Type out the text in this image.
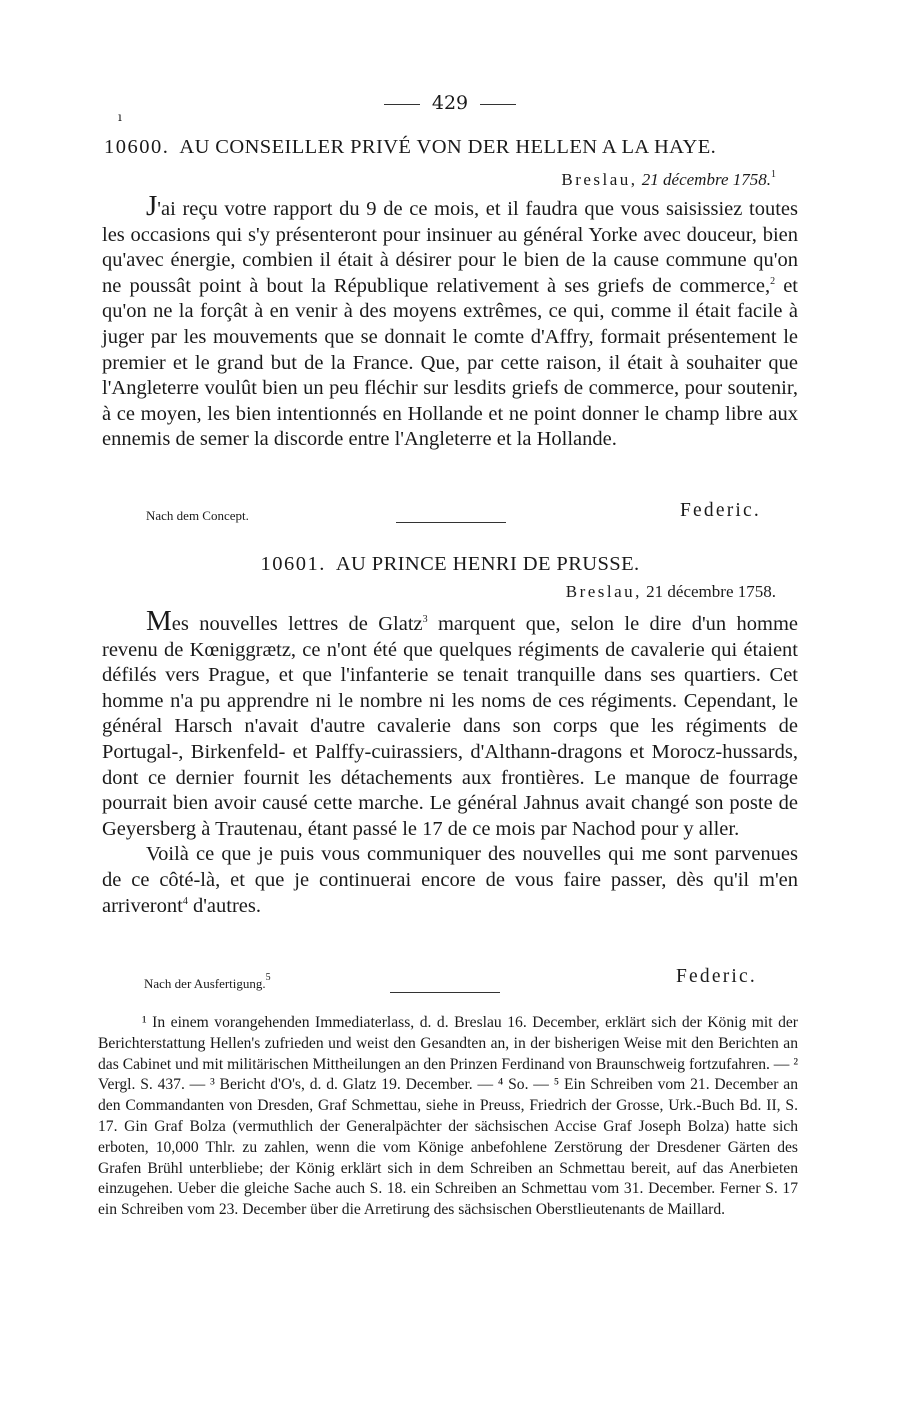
429
ı
10600. AU CONSEILLER PRIVÉ VON DER HELLEN A LA HAYE.
Breslau, 21 décembre 1758.$^1$

J'ai reçu votre rapport du 9 de ce mois, et il faudra que vous saisissiez toutes les occasions qui s'y présenteront pour insinuer au général Yorke avec douceur, bien qu'avec énergie, combien il était à désirer pour le bien de la cause commune qu'on ne poussât point à bout la République relativement à ses griefs de commerce,$^2$ et qu'on ne la forçât à en venir à des moyens extrêmes, ce qui, comme il était facile à juger par les mouvements que se donnait le comte d'Affry, formait présentement le premier et le grand but de la France. Que, par cette raison, il était à souhaiter que l'Angleterre voulût bien un peu fléchir sur lesdits griefs de commerce, pour soutenir, à ce moyen, les bien intentionnés en Hollande et ne point donner le champ libre aux ennemis de semer la discorde entre l'Angleterre et la Hollande.

Nach dem Concept.	Federic.
10601. AU PRINCE HENRI DE PRUSSE.
Breslau, 21 décembre 1758.

Mes nouvelles lettres de Glatz$^3$ marquent que, selon le dire d'un homme revenu de Kœniggrætz, ce n'ont été que quelques régiments de cavalerie qui étaient défilés vers Prague, et que l'infanterie se tenait tranquille dans ses quartiers. Cet homme n'a pu apprendre ni le nombre ni les noms de ces régiments. Cependant, le général Harsch n'avait d'autre cavalerie dans son corps que les régiments de Portugal-, Birkenfeld- et Palffy-cuirassiers, d'Althann-dragons et Morocz-hussards, dont ce dernier fournit les détachements aux frontières. Le manque de fourrage pourrait bien avoir causé cette marche. Le général Jahnus avait changé son poste de Geyersberg à Trautenau, étant passé le 17 de ce mois par Nachod pour y aller.

Voilà ce que je puis vous communiquer des nouvelles qui me sont parvenues de ce côté-là, et que je continuerai encore de vous faire passer, dès qu'il m'en arriveront$^4$ d'autres.

Nach der Ausfertigung.$^5$	Federic.

¹ In einem vorangehenden Immediaterlass, d. d. Breslau 16. December, erklärt sich der König mit der Berichterstattung Hellen's zufrieden und weist den Gesandten an, in der bisherigen Weise mit den Berichten an das Cabinet und mit militärischen Mittheilungen an den Prinzen Ferdinand von Braunschweig fortzufahren. — ² Vergl. S. 437. — ³ Bericht d'O's, d. d. Glatz 19. December. — ⁴ So. — ⁵ Ein Schreiben vom 21. December an den Commandanten von Dresden, Graf Schmettau, siehe in Preuss, Friedrich der Grosse, Urk.-Buch Bd. II, S. 17. Gin Graf Bolza (vermuthlich der Generalpächter der sächsischen Accise Graf Joseph Bolza) hatte sich erboten, 10,000 Thlr. zu zahlen, wenn die vom Könige anbefohlene Zerstörung der Dresdener Gärten des Grafen Brühl unterbliebe; der König erklärt sich in dem Schreiben an Schmettau bereit, auf das Anerbieten einzugehen. Ueber die gleiche Sache auch S. 18. ein Schreiben an Schmettau vom 31. December. Ferner S. 17 ein Schreiben vom 23. December über die Arretirung des sächsischen Oberstlieutenants de Maillard.
